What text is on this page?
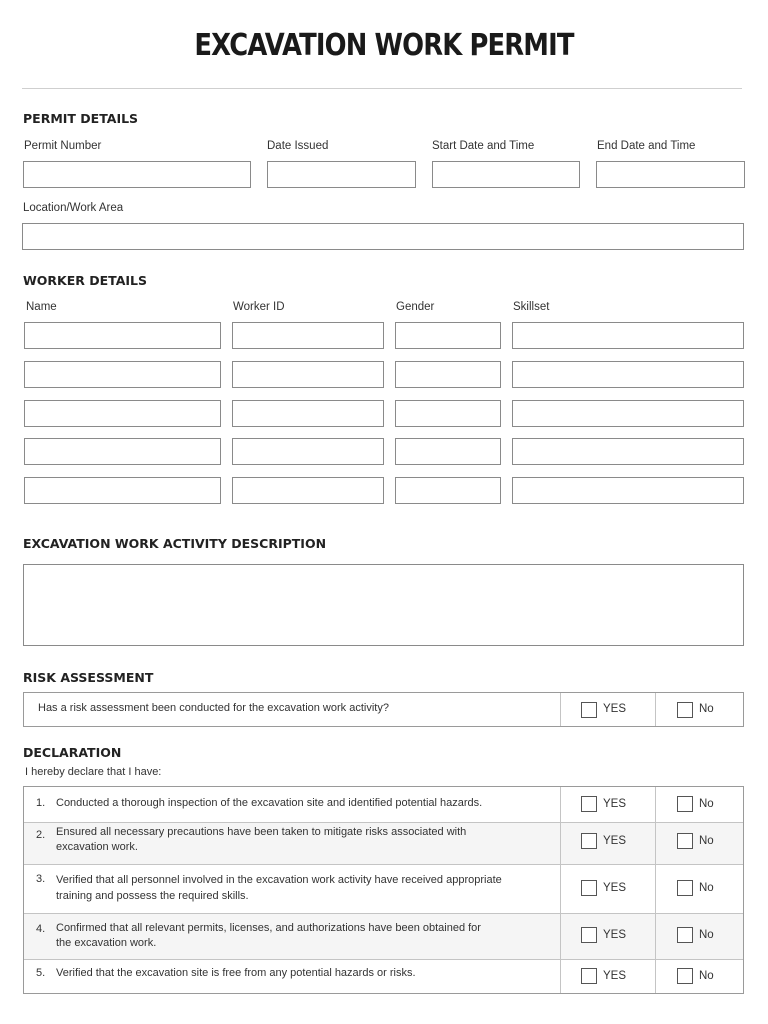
EXCAVATION WORK PERMIT
PERMIT DETAILS
Permit Number	Date Issued	Start Date and Time	End Date and Time
Location/Work Area
WORKER DETAILS
Name	Worker ID	Gender	Skillset
EXCAVATION WORK ACTIVITY DESCRIPTION
RISK ASSESSMENT
Has a risk assessment been conducted for the excavation work activity?	YES	No
DECLARATION
I hereby declare that I have:
1. Conducted a thorough inspection of the excavation site and identified potential hazards.	YES	No
2. Ensured all necessary precautions have been taken to mitigate risks associated with
excavation work.	YES	No
3. Verified that all personnel involved in the excavation work activity have received appropriate
training and possess the required skills.
YES	No
4. Confirmed that all relevant permits, licenses, and authorizations have been obtained for
the excavation work.
YES	No
5. Verified that the excavation site is free from any potential hazards or risks.	YES	No
